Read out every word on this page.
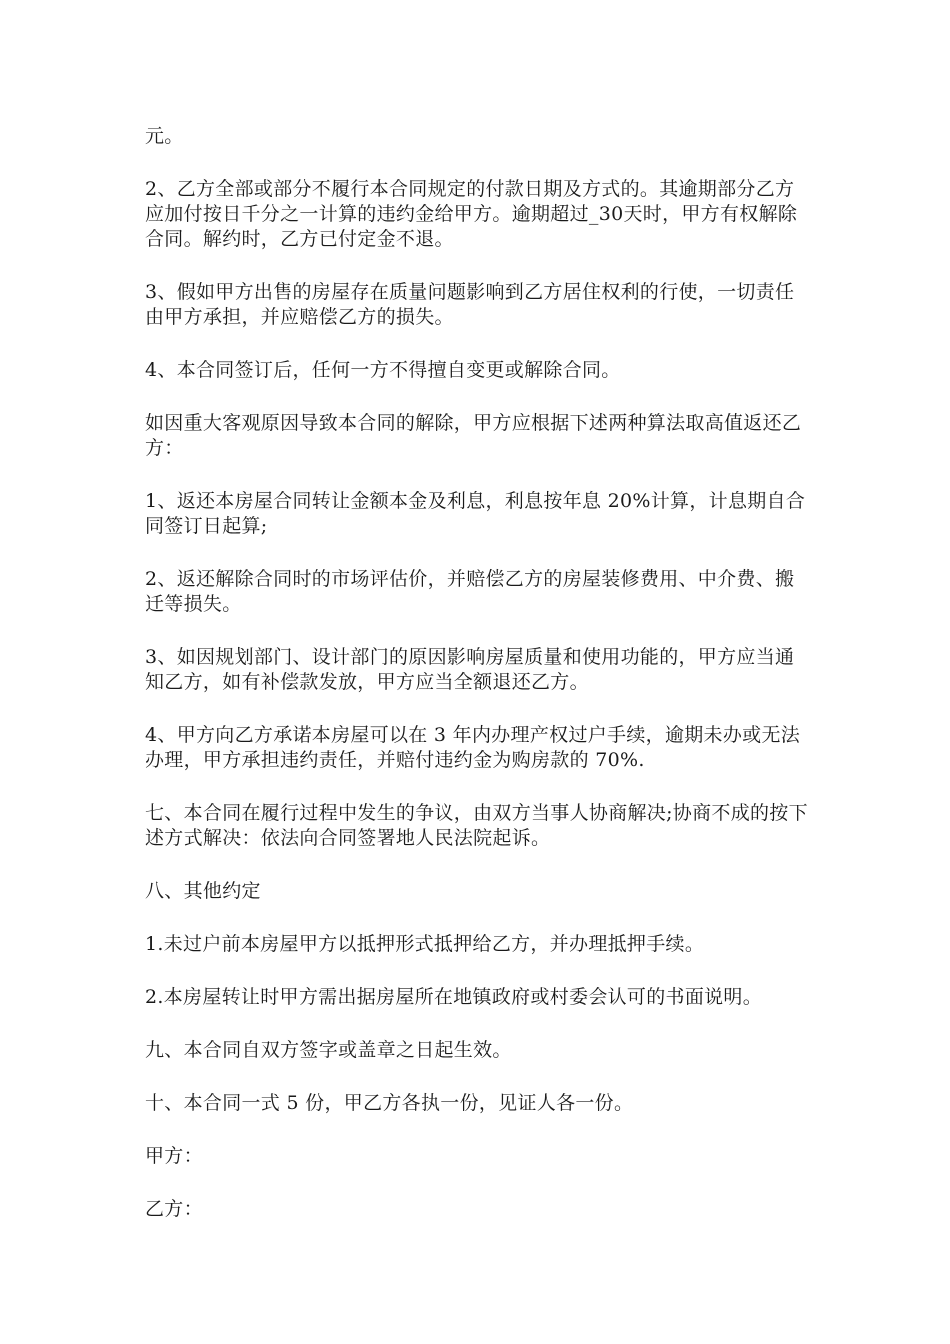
元。

2、乙方全部或部分不履行本合同规定的付款日期及方式的。其逾期部分乙方应加付按日千分之一计算的违约金给甲方。逾期超过_30天时，甲方有权解除合同。解约时，乙方已付定金不退。

3、假如甲方出售的房屋存在质量问题影响到乙方居住权利的行使，一切责任由甲方承担，并应赔偿乙方的损失。

4、本合同签订后，任何一方不得擅自变更或解除合同。

如因重大客观原因导致本合同的解除，甲方应根据下述两种算法取高值返还乙方：

1、返还本房屋合同转让金额本金及利息，利息按年息 20%计算，计息期自合同签订日起算;

2、返还解除合同时的市场评估价，并赔偿乙方的房屋装修费用、中介费、搬迁等损失。

3、如因规划部门、设计部门的原因影响房屋质量和使用功能的，甲方应当通知乙方，如有补偿款发放，甲方应当全额退还乙方。

4、甲方向乙方承诺本房屋可以在 3 年内办理产权过户手续，逾期未办或无法办理，甲方承担违约责任，并赔付违约金为购房款的 70%.

七、本合同在履行过程中发生的争议，由双方当事人协商解决;协商不成的按下述方式解决：依法向合同签署地人民法院起诉。

八、其他约定

1.未过户前本房屋甲方以抵押形式抵押给乙方，并办理抵押手续。

2.本房屋转让时甲方需出据房屋所在地镇政府或村委会认可的书面说明。

九、本合同自双方签字或盖章之日起生效。

十、本合同一式 5 份，甲乙方各执一份，见证人各一份。

甲方：

乙方：
